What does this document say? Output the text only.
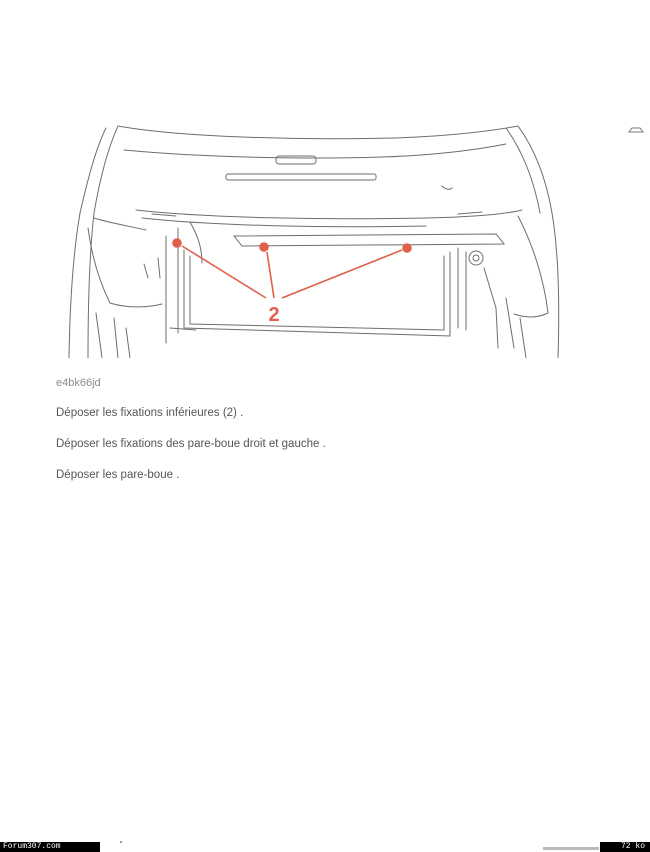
2
e4bk66jd
Déposer les fixations inférieures (2) .
Déposer les fixations des pare-boue droit et gauche .
Déposer les pare-boue .
Forum307.com	72 ko
